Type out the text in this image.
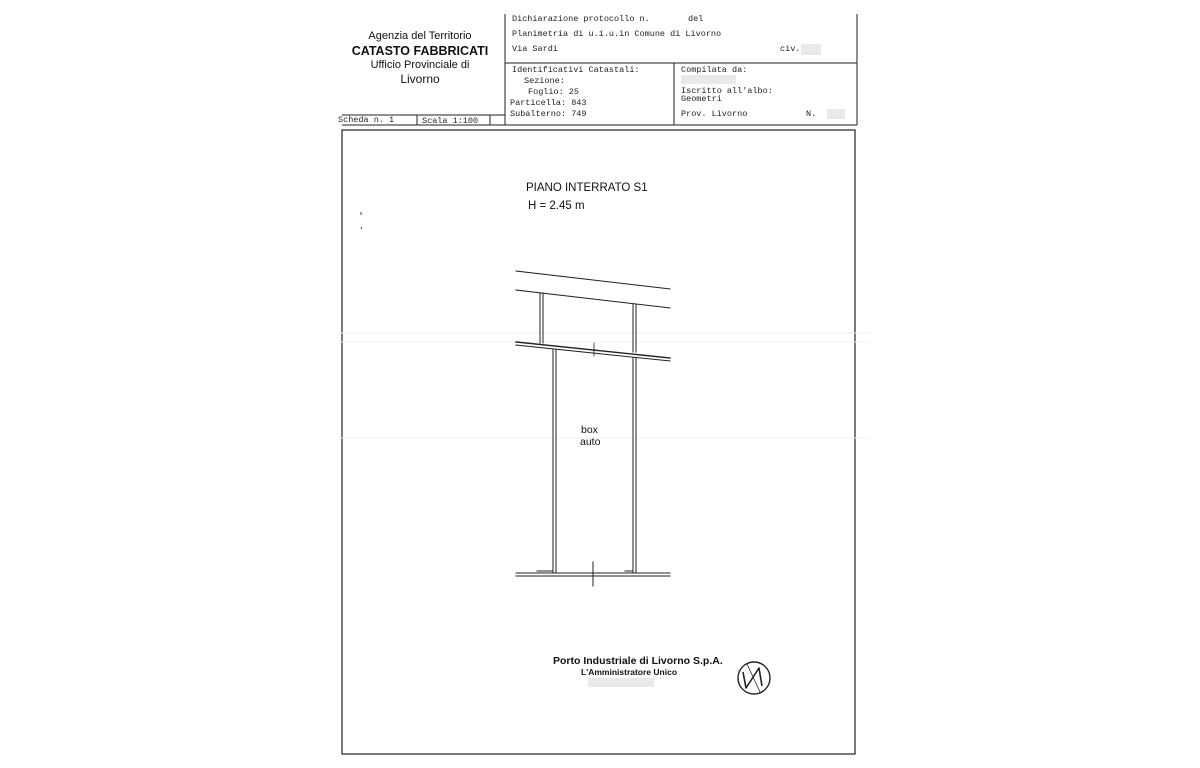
Agenzia del Territorio
CATASTO FABBRICATI
Ufficio Provinciale di
Livorno
Dichiarazione protocollo n.	del
Planimetria di u.i.u.in Comune di Livorno
Via Sardi	civ.
Identificativi Catastali:
Sezione:
Foglio: 25
Particella: 843
Subalterno: 749
Compilata da:
Iscritto all'albo:
Geometri
Prov. Livorno	N.
Scheda n. 1	Scala 1:100
PIANO INTERRATO S1
H = 2.45 m
box
auto
Porto Industriale di Livorno S.p.A.
L'Amministratore Unico
